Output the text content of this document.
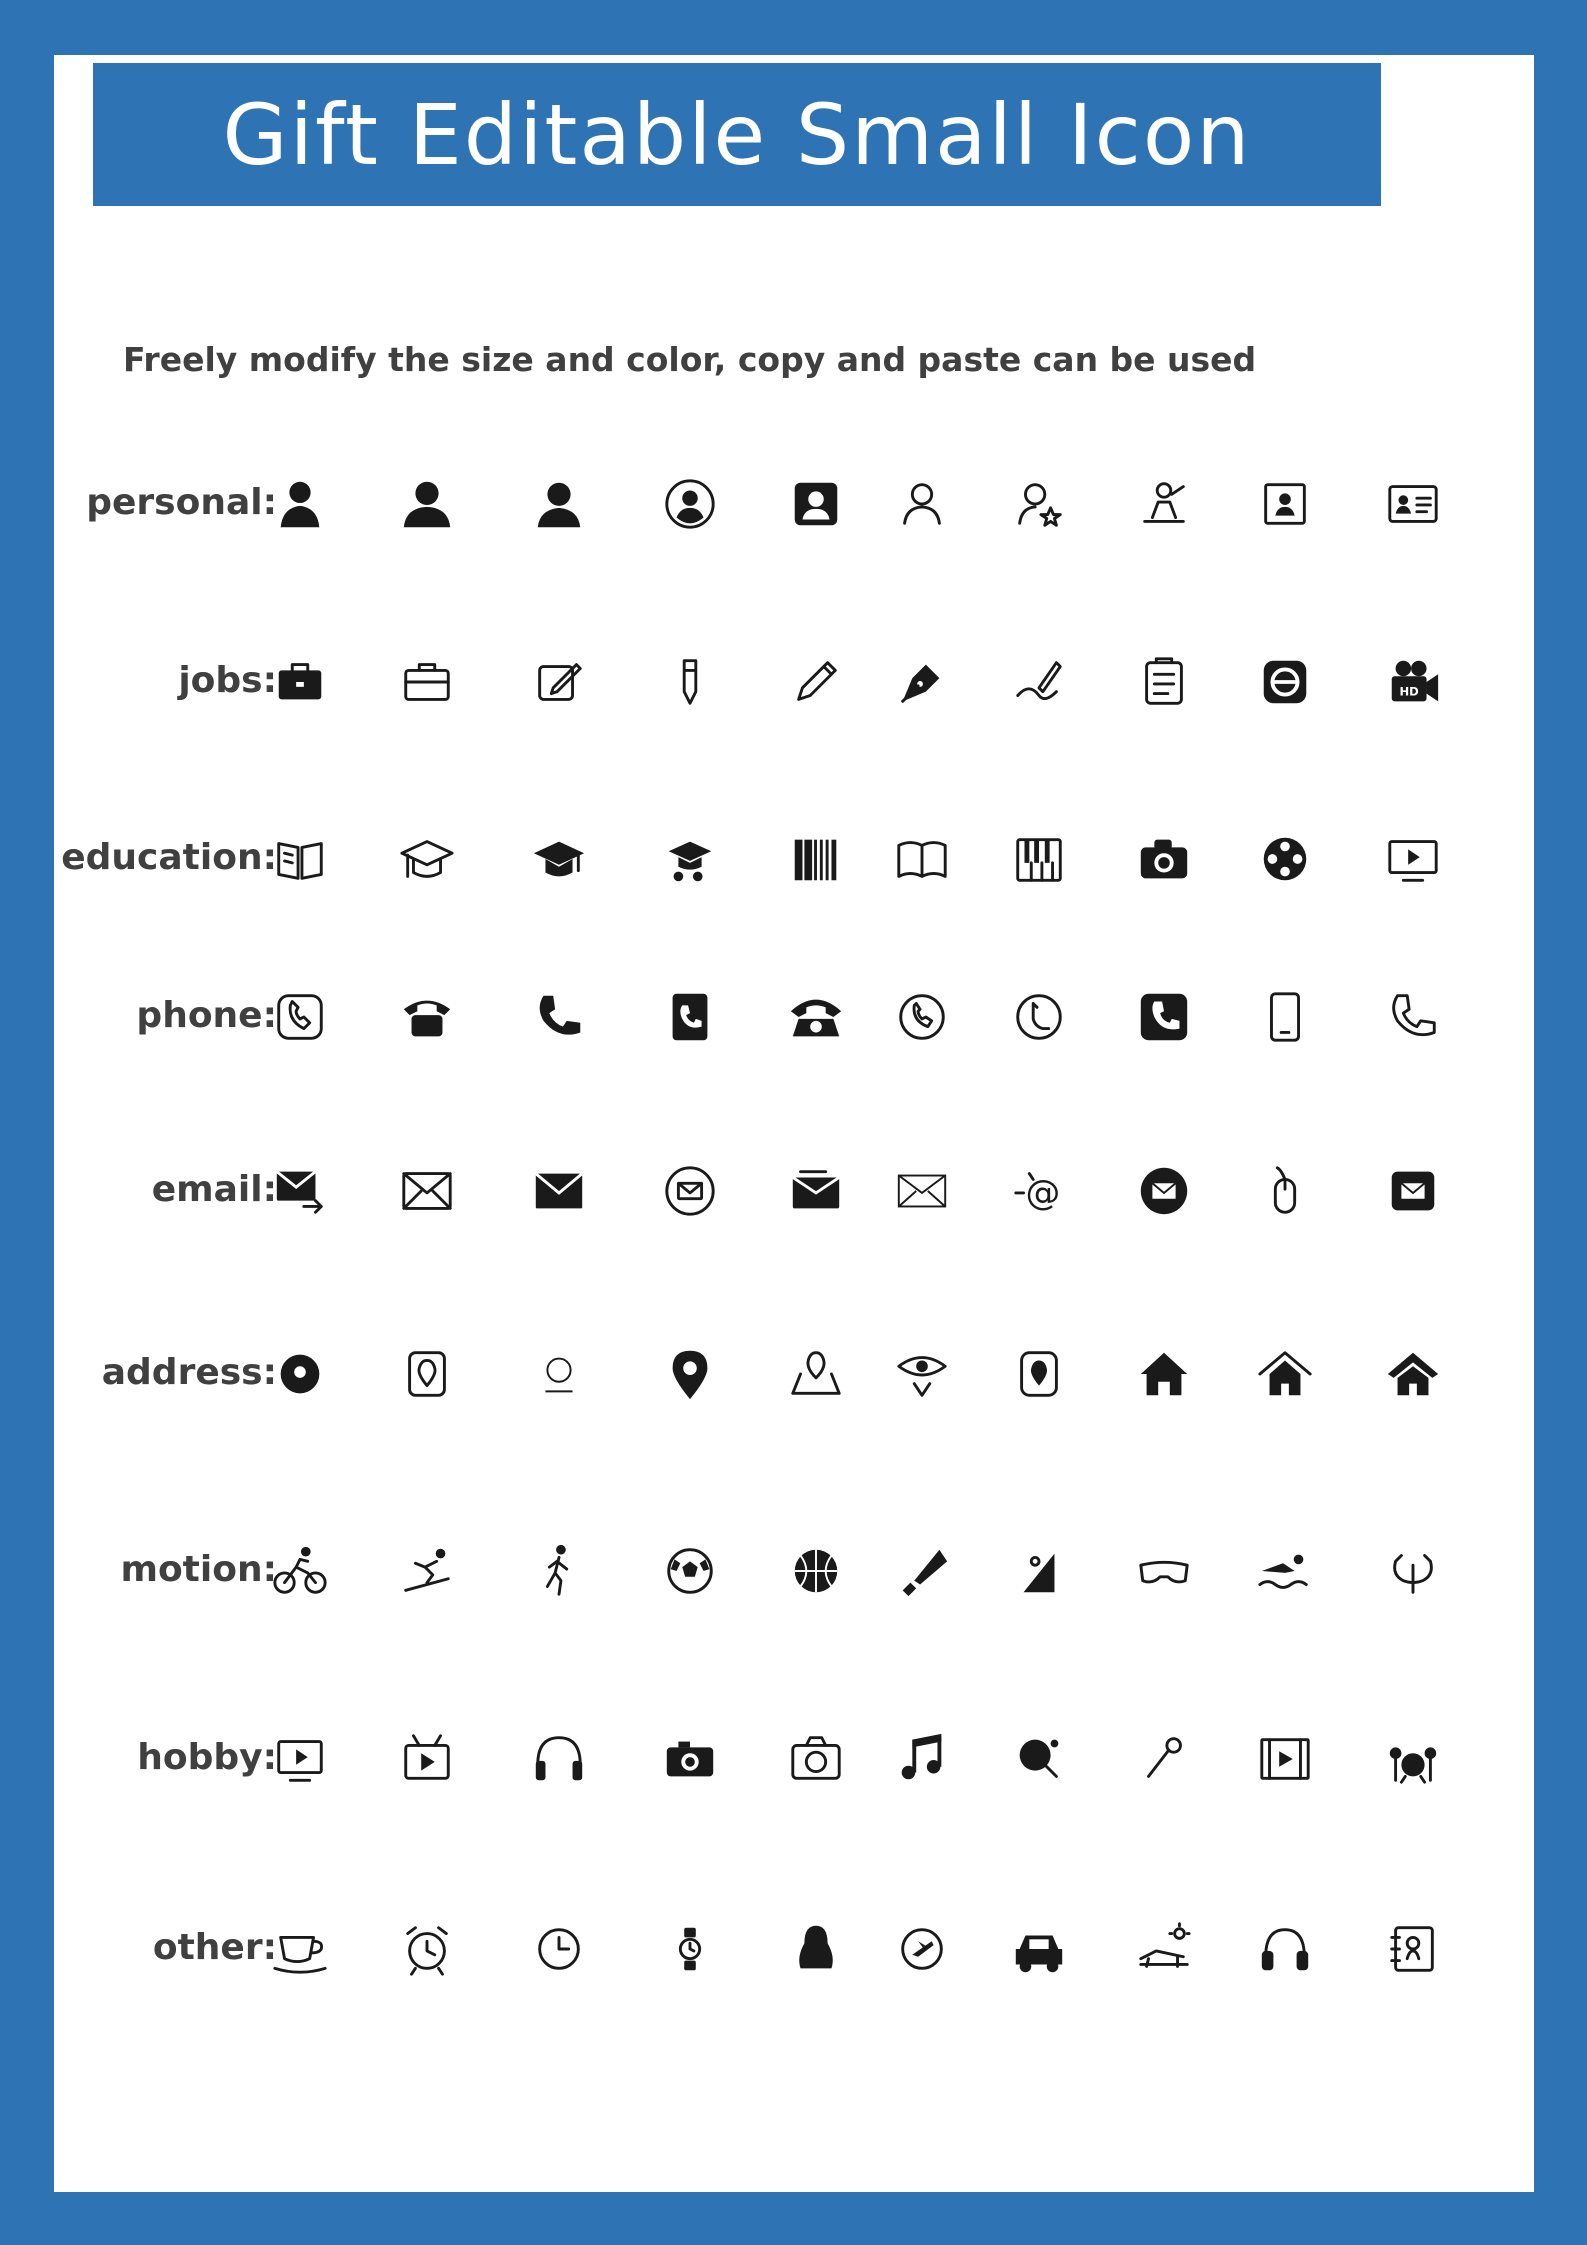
Gift Editable Small Icon
Freely modify the size and color, copy and paste can be used
personal:
jobs:	HD
education:
phone:
email:	@
address:
motion:
hobby:
other:
